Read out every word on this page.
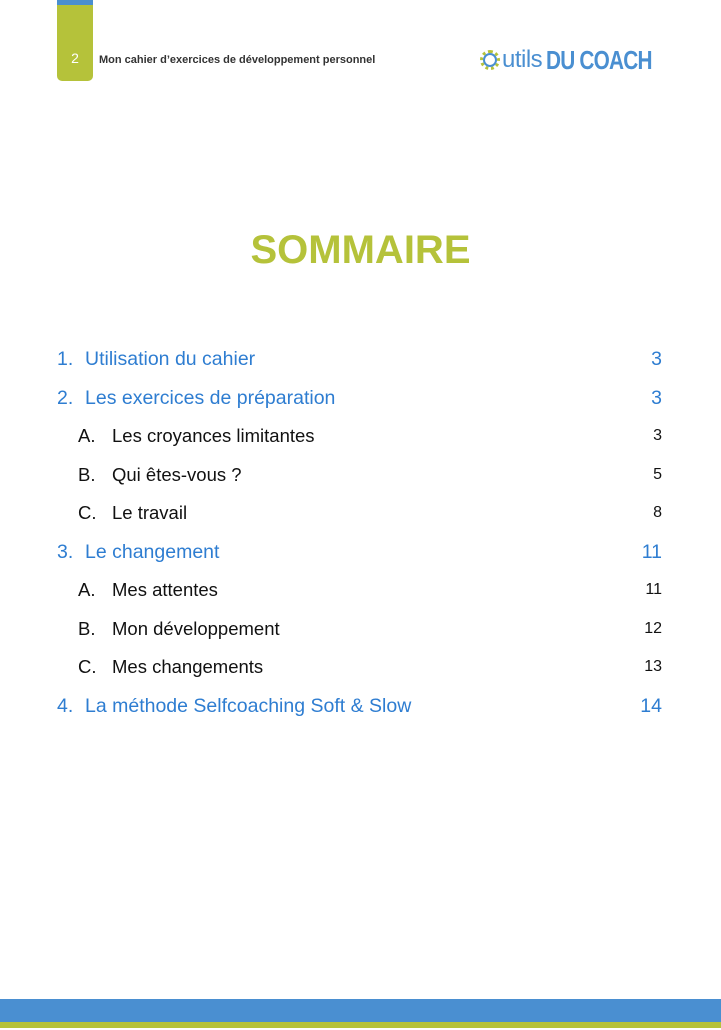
2	Mon cahier d’exercices de développement personnel	utils DU COACH
SOMMAIRE
1. Utilisation du cahier	3
2. Les exercices de préparation	3
A. Les croyances limitantes	3
B. Qui êtes-vous ?	5
C. Le travail	8
3. Le changement	11
A. Mes attentes	11
B. Mon développement	12
C. Mes changements	13
4. La méthode Selfcoaching Soft & Slow	14
